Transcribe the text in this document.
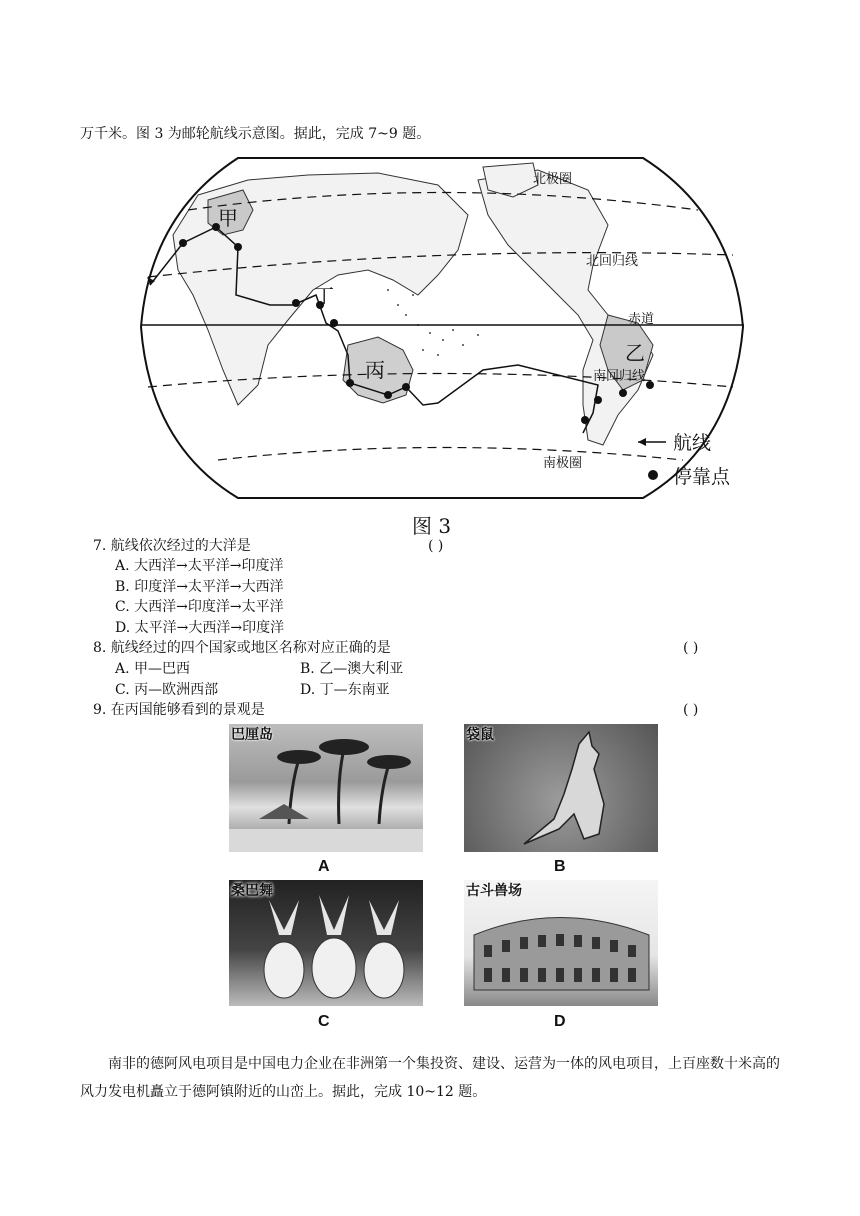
万千米。图 3 为邮轮航线示意图。据此，完成 7~9 题。
北极圈
北回归线
赤道
南回归线
南极圈
甲
乙
丙
丁
航线
停靠点
图 3
7. 航线依次经过的大洋是	( )
A. 大西洋→太平洋→印度洋
B. 印度洋→太平洋→大西洋
C. 大西洋→印度洋→太平洋
D. 太平洋→大西洋→印度洋
8. 航线经过的四个国家或地区名称对应正确的是	( )
A. 甲—巴西	B. 乙—澳大利亚
C. 丙—欧洲西部	D. 丁—东南亚
9. 在丙国能够看到的景观是	( )
巴厘岛
A
袋鼠
B
桑巴舞
C
古斗兽场
D
南非的德阿风电项目是中国电力企业在非洲第一个集投资、建设、运营为一体的风电项目，上百座数十米高的风力发电机矗立于德阿镇附近的山峦上。据此，完成 10~12 题。
